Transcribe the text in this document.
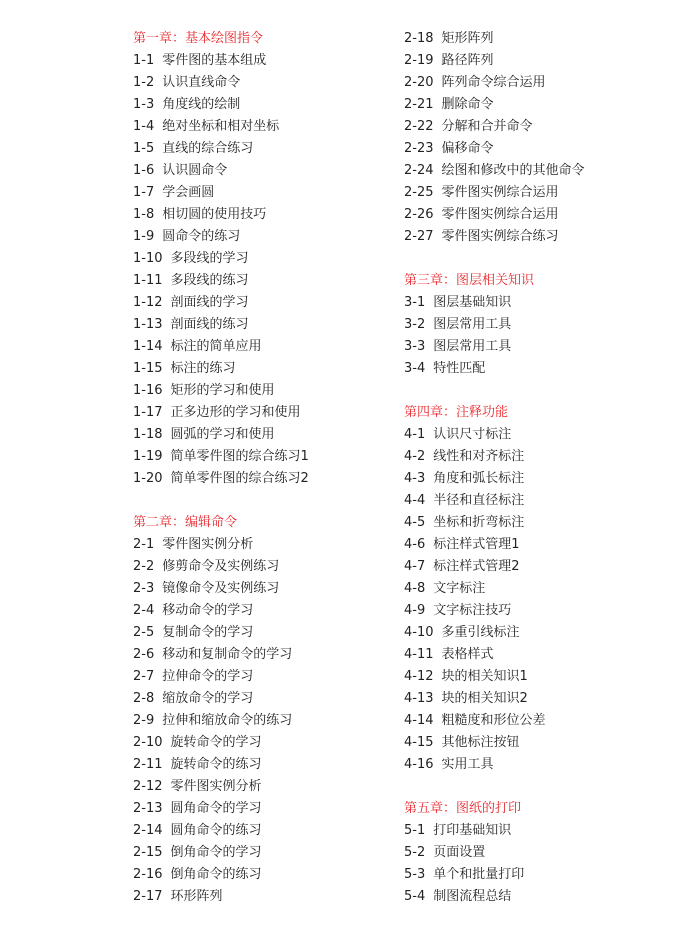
第一章：基本绘图指令
1-1 零件图的基本组成
1-2 认识直线命令
1-3 角度线的绘制
1-4 绝对坐标和相对坐标
1-5 直线的综合练习
1-6 认识圆命令
1-7 学会画圆
1-8 相切圆的使用技巧
1-9 圆命令的练习
1-10 多段线的学习
1-11 多段线的练习
1-12 剖面线的学习
1-13 剖面线的练习
1-14 标注的简单应用
1-15 标注的练习
1-16 矩形的学习和使用
1-17 正多边形的学习和使用
1-18 圆弧的学习和使用
1-19 简单零件图的综合练习1
1-20 简单零件图的综合练习2
第二章：编辑命令
2-1 零件图实例分析
2-2 修剪命令及实例练习
2-3 镜像命令及实例练习
2-4 移动命令的学习
2-5 复制命令的学习
2-6 移动和复制命令的学习
2-7 拉伸命令的学习
2-8 缩放命令的学习
2-9 拉伸和缩放命令的练习
2-10 旋转命令的学习
2-11 旋转命令的练习
2-12 零件图实例分析
2-13 圆角命令的学习
2-14 圆角命令的练习
2-15 倒角命令的学习
2-16 倒角命令的练习
2-17 环形阵列
2-18 矩形阵列
2-19 路径阵列
2-20 阵列命令综合运用
2-21 删除命令
2-22 分解和合并命令
2-23 偏移命令
2-24 绘图和修改中的其他命令
2-25 零件图实例综合运用
2-26 零件图实例综合运用
2-27 零件图实例综合练习
第三章：图层相关知识
3-1 图层基础知识
3-2 图层常用工具
3-3 图层常用工具
3-4 特性匹配
第四章：注释功能
4-1 认识尺寸标注
4-2 线性和对齐标注
4-3 角度和弧长标注
4-4 半径和直径标注
4-5 坐标和折弯标注
4-6 标注样式管理1
4-7 标注样式管理2
4-8 文字标注
4-9 文字标注技巧
4-10 多重引线标注
4-11 表格样式
4-12 块的相关知识1
4-13 块的相关知识2
4-14 粗糙度和形位公差
4-15 其他标注按钮
4-16 实用工具
第五章：图纸的打印
5-1 打印基础知识
5-2 页面设置
5-3 单个和批量打印
5-4 制图流程总结
